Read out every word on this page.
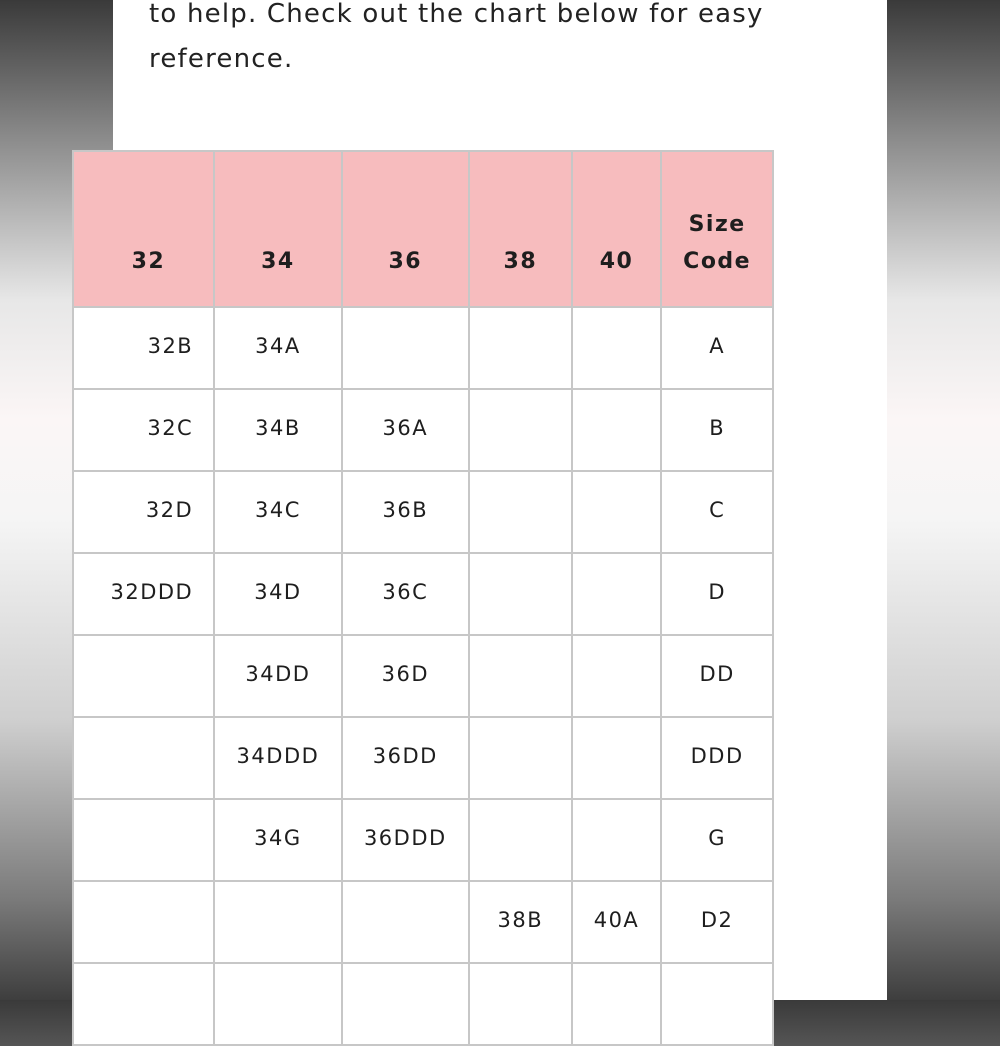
to help. Check out the chart below for easy
reference.

32	34	36	38	40	Size Code
32B	34A				A
32C	34B	36A			B
32D	34C	36B			C
32DDD	34D	36C			D
	34DD	36D			DD
	34DDD	36DD			DDD
	34G	36DDD			G
			38B	40A	D2
